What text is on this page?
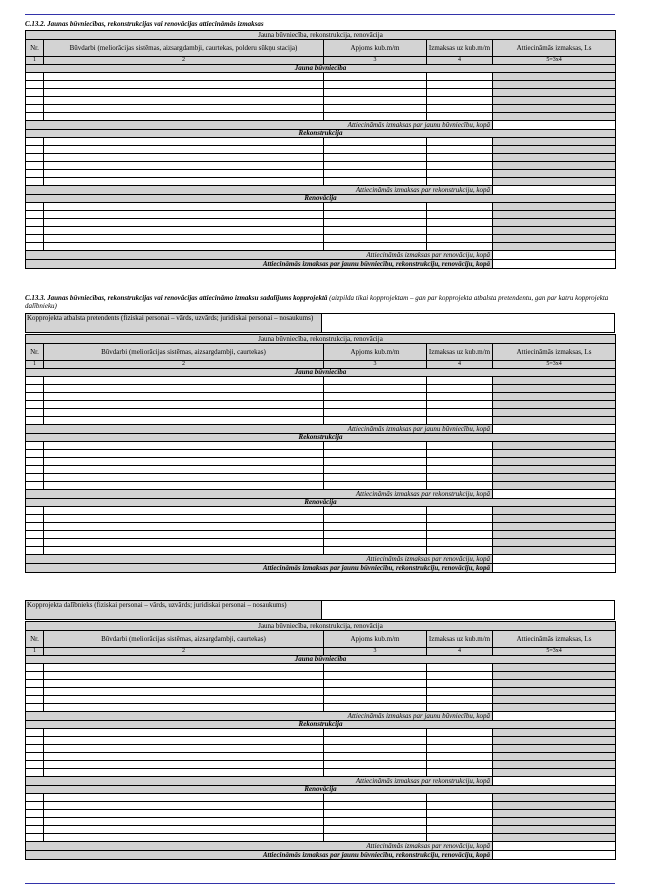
C.13.2. Jaunas būvniecības, rekonstrukcijas vai renovācijas attiecināmās izmaksas
Jauna būvniecība, rekonstrukcija, renovācija				
Nr.	Būvdarbi (meliorācijas sistēmas, aizsargdambji, caurtekas, polderu sūkņu stacija)	Apjoms kub.m/m	Izmaksas uz kub.m/m	Attiecināmās izmaksas, Ls
1	2	3	4	5=3x4
Jauna būvniecība				

Attiecināmās izmaksas par jaunu būvniecību, kopā				
Rekonstrukcija				

Attiecināmās izmaksas par rekonstrukciju, kopā				
Renovācija				

Attiecināmās izmaksas par renovāciju, kopā				
Attiecināmās izmaksas par jaunu būvniecību, rekonstrukciju, renovāciju, kopā				
C.13.3. Jaunas būvniecības, rekonstrukcijas vai renovācijas attiecināmo izmaksu sadalījums kopprojektā (aizpilda tikai kopprojektam – gan par kopprojekta atbalsta pretendentu, gan par katru kopprojekta dalībnieku)
Kopprojekta atbalsta pretendents (fiziskai personai – vārds, uzvārds; juridiskai personai – nosaukums)
Jauna būvniecība, rekonstrukcija, renovācija				
Nr.	Būvdarbi (meliorācijas sistēmas, aizsargdambji, caurtekas)	Apjoms kub.m/m	Izmaksas uz kub.m/m	Attiecināmās izmaksas, Ls
1	2	3	4	5=3x4
Jauna būvniecība				

Attiecināmās izmaksas par jaunu būvniecību, kopā				
Rekonstrukcija				

Attiecināmās izmaksas par rekonstrukciju, kopā				
Renovācija				

Attiecināmās izmaksas par renovāciju, kopā				
Attiecināmās izmaksas par jaunu būvniecību, rekonstrukciju, renovāciju, kopā				
Kopprojekta dalībnieks (fiziskai personai – vārds, uzvārds; juridiskai personai – nosaukums)
Jauna būvniecība, rekonstrukcija, renovācija				
Nr.	Būvdarbi (meliorācijas sistēmas, aizsargdambji, caurtekas)	Apjoms kub.m/m	Izmaksas uz kub.m/m	Attiecināmās izmaksas, Ls
1	2	3	4	5=3x4
Jauna būvniecība				

Attiecināmās izmaksas par jaunu būvniecību, kopā				
Rekonstrukcija				

Attiecināmās izmaksas par rekonstrukciju, kopā				
Renovācija				

Attiecināmās izmaksas par renovāciju, kopā				
Attiecināmās izmaksas par jaunu būvniecību, rekonstrukciju, renovāciju, kopā				
